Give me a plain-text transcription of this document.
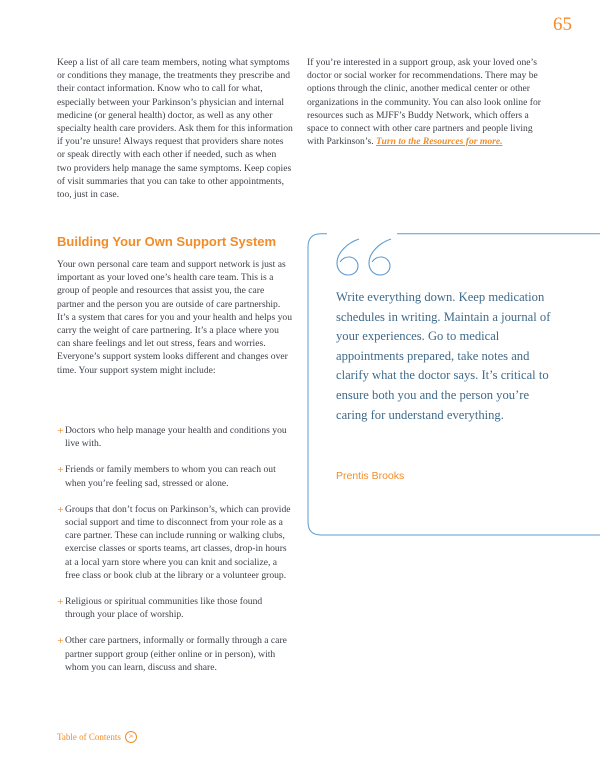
65

Keep a list of all care team members, noting what symptoms or conditions they manage, the treatments they prescribe and their contact information. Know who to call for what, especially between your Parkinson’s physician and internal medicine (or general health) doctor, as well as any other specialty health care providers. Ask them for this information if you’re unsure! Always request that providers share notes or speak directly with each other if needed, such as when two providers help manage the same symptoms. Keep copies of visit summaries that you can take to other appointments, too, just in case.

If you’re interested in a support group, ask your loved one’s doctor or social worker for recommendations. There may be options through the clinic, another medical center or other organizations in the community. You can also look online for resources such as MJFF’s Buddy Network, which offers a space to connect with other care partners and people living with Parkinson’s. Turn to the Resources for more.

Building Your Own Support System

Your own personal care team and support network is just as important as your loved one’s health care team. This is a group of people and resources that assist you, the care partner and the person you are outside of care partnership. It’s a system that cares for you and your health and helps you carry the weight of care partnering. It’s a place where you can share feelings and let out stress, fears and worries. Everyone’s support system looks different and changes over time. Your support system might include:

+ Doctors who help manage your health and conditions you live with.
+ Friends or family members to whom you can reach out when you’re feeling sad, stressed or alone.
+ Groups that don’t focus on Parkinson’s, which can provide social support and time to disconnect from your role as a care partner. These can include running or walking clubs, exercise classes or sports teams, art classes, drop-in hours at a local yarn store where you can knit and socialize, a free class or book club at the library or a volunteer group.
+ Religious or spiritual communities like those found through your place of worship.
+ Other care partners, informally or formally through a care partner support group (either online or in person), with whom you can learn, discuss and share.
Write everything down. Keep medication schedules in writing. Maintain a journal of your experiences. Go to medical appointments prepared, take notes and clarify what the doctor says. It’s critical to ensure both you and the person you’re caring for understand everything.
Prentis Brooks
Table of Contents	>
